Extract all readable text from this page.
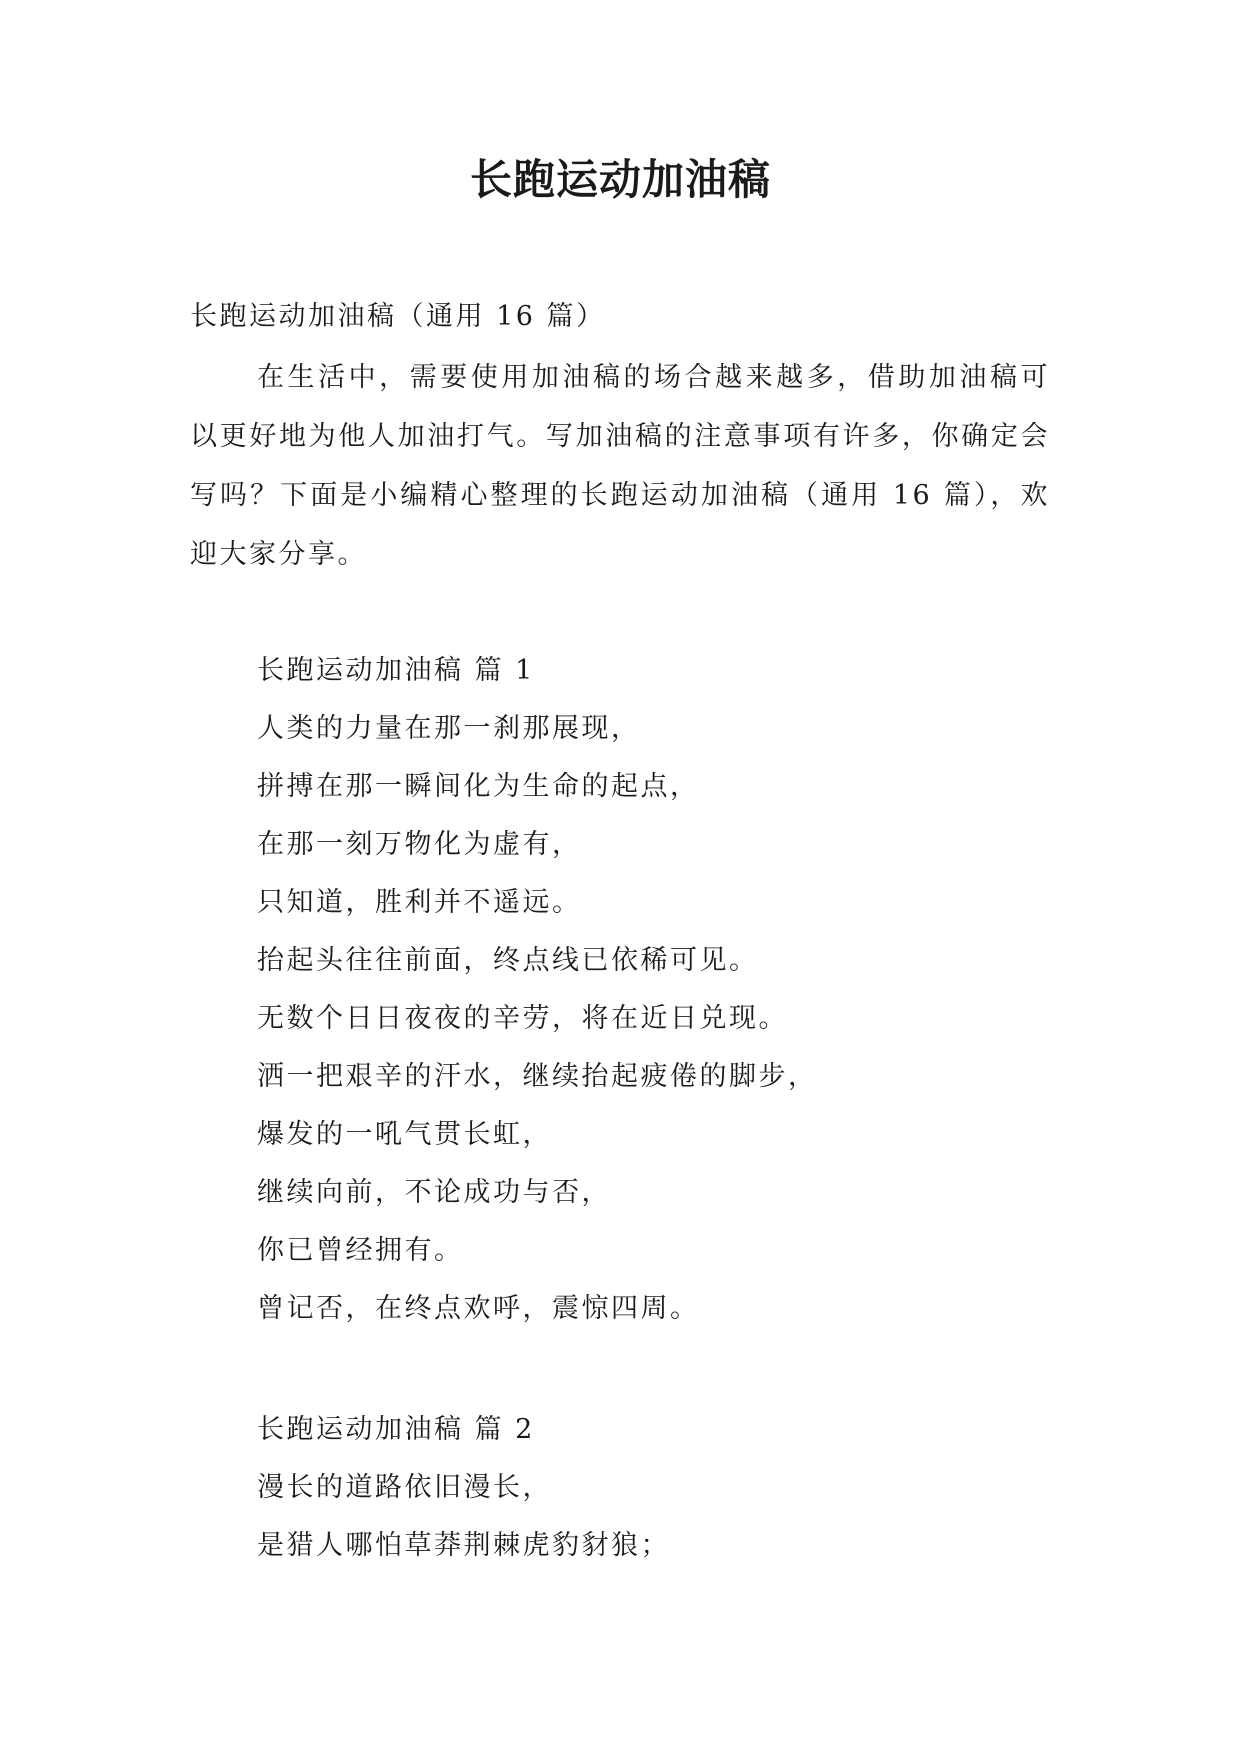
长跑运动加油稿

长跑运动加油稿（通用 16 篇）

在生活中，需要使用加油稿的场合越来越多，借助加油稿可以更好地为他人加油打气。写加油稿的注意事项有许多，你确定会写吗？下面是小编精心整理的长跑运动加油稿（通用 16 篇），欢迎大家分享。

长跑运动加油稿 篇 1

人类的力量在那一刹那展现，
拼搏在那一瞬间化为生命的起点，
在那一刻万物化为虚有，
只知道，胜利并不遥远。
抬起头往往前面，终点线已依稀可见。
无数个日日夜夜的辛劳，将在近日兑现。
洒一把艰辛的汗水，继续抬起疲倦的脚步，
爆发的一吼气贯长虹，
继续向前，不论成功与否，
你已曾经拥有。
曾记否，在终点欢呼，震惊四周。

长跑运动加油稿 篇 2

漫长的道路依旧漫长，
是猎人哪怕草莽荆棘虎豹豺狼；
